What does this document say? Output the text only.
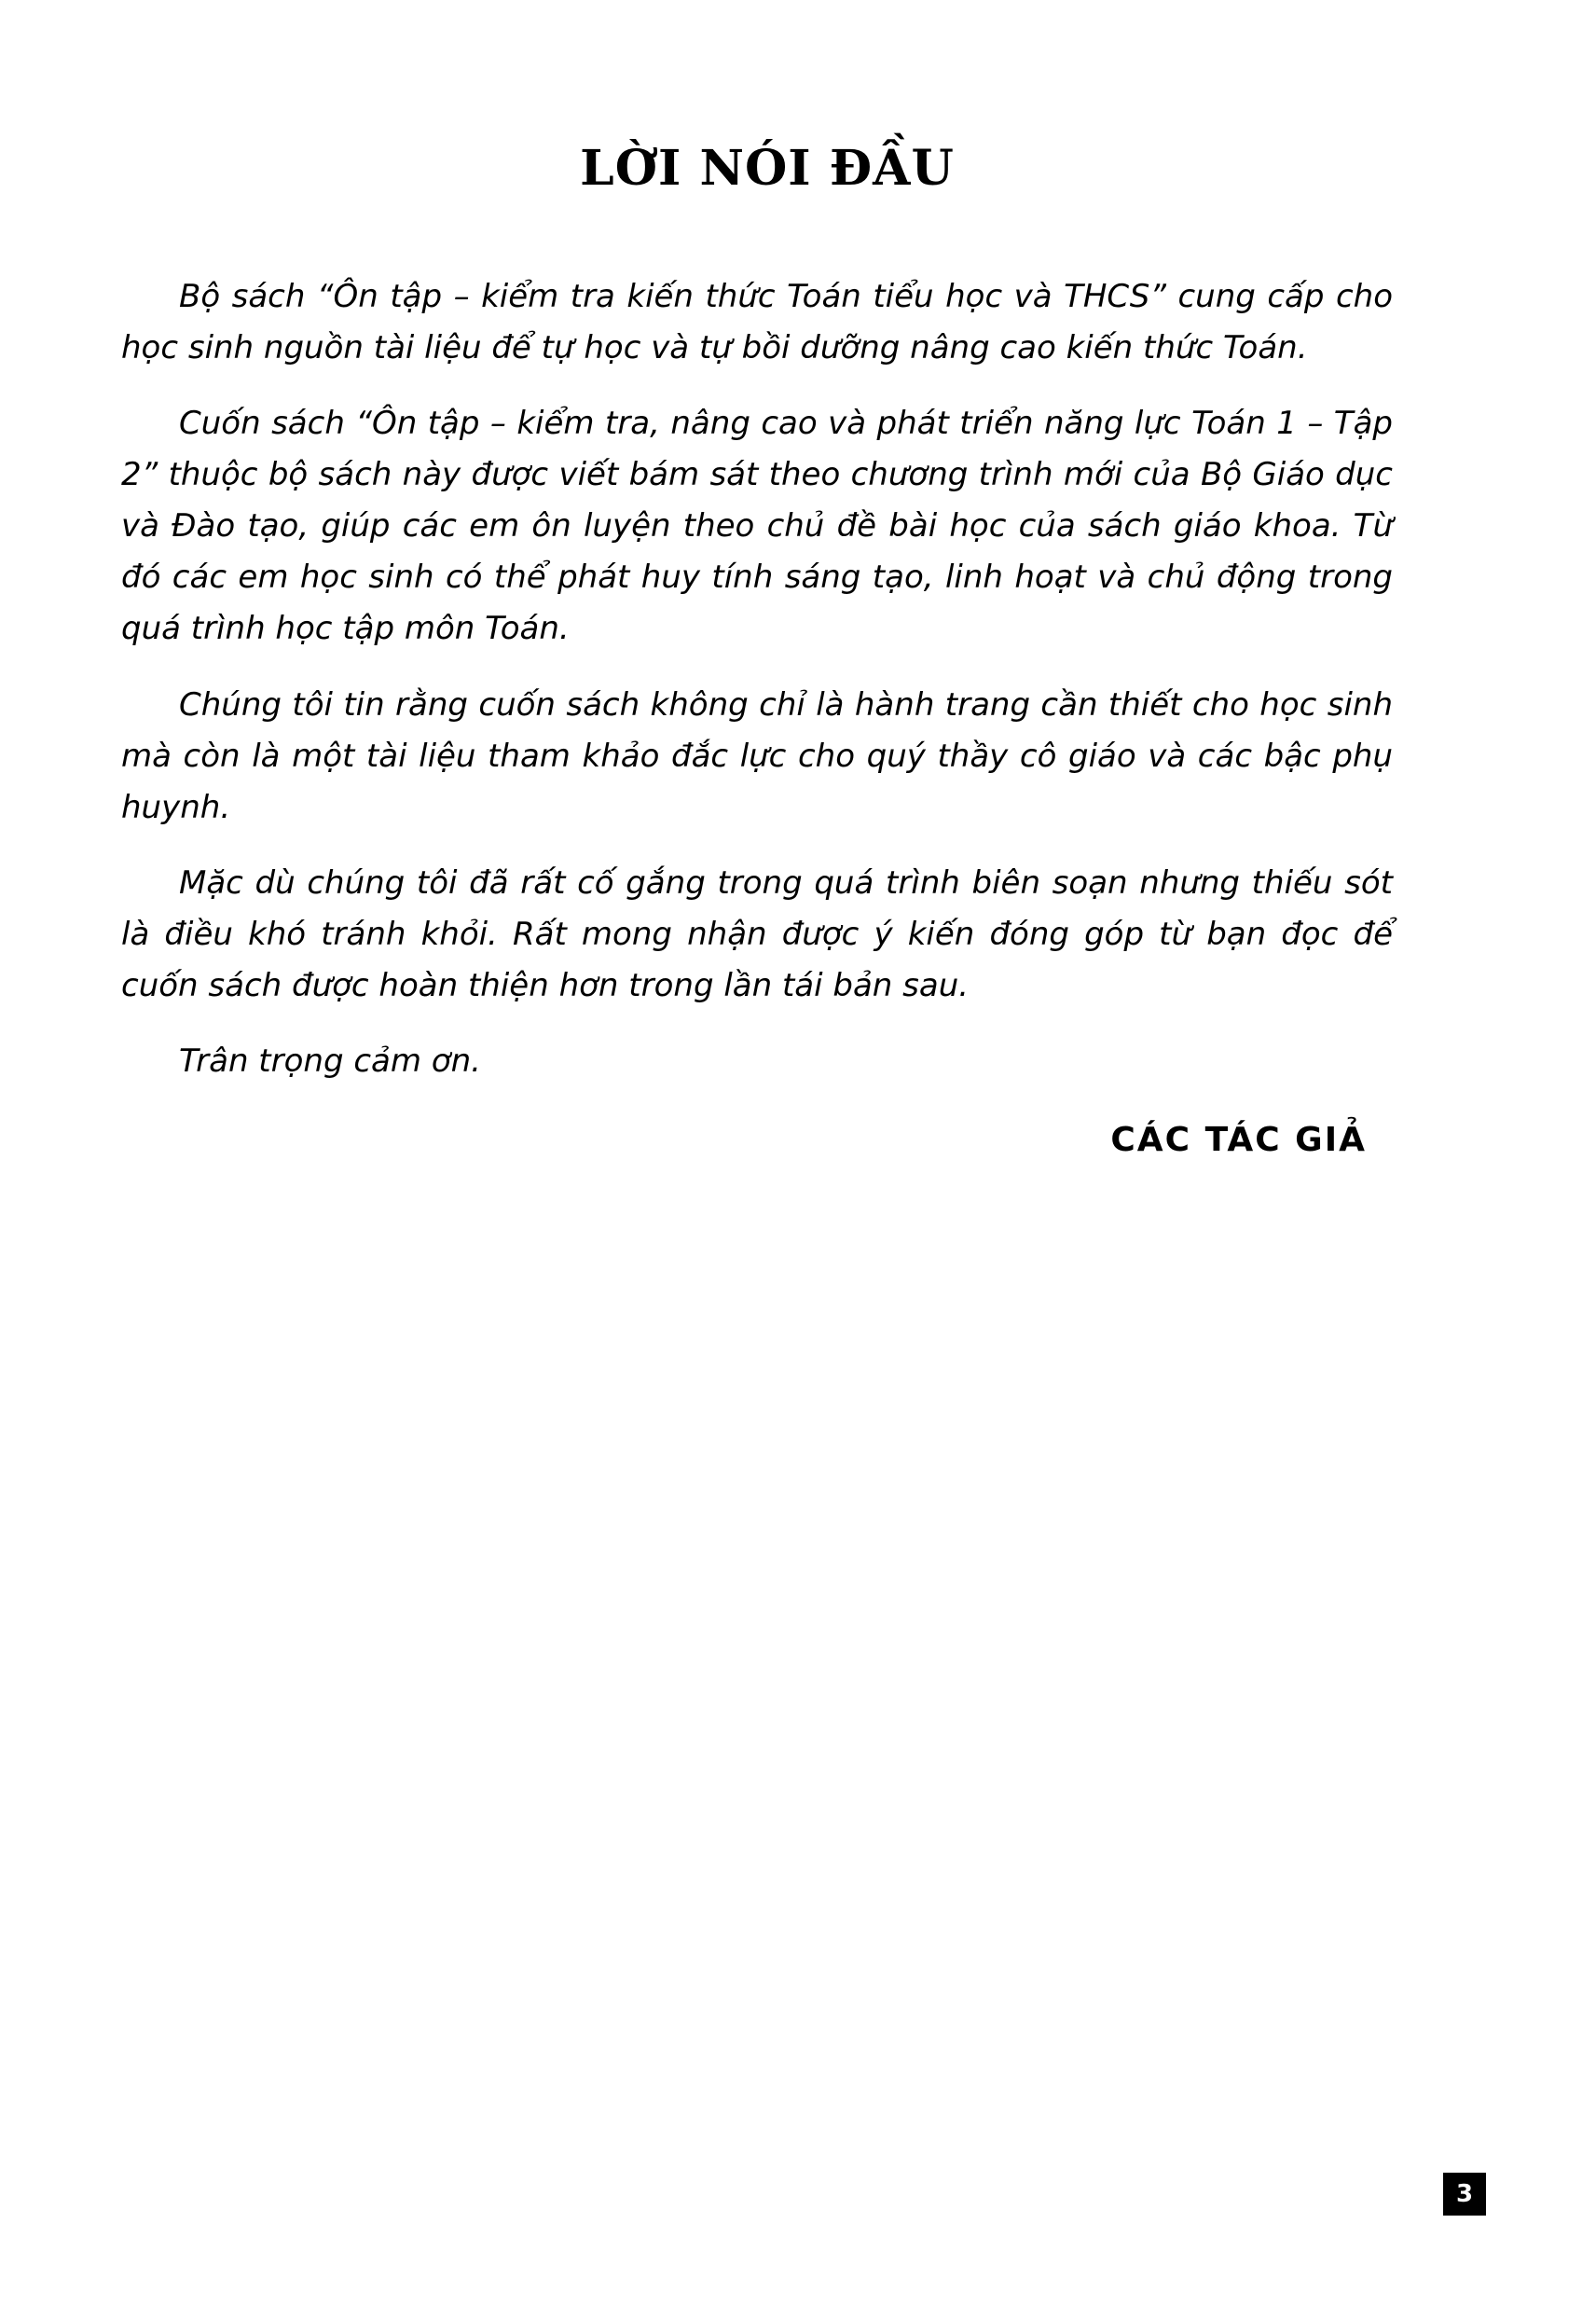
LỜI NÓI ĐẦU

Bộ sách “Ôn tập – kiểm tra kiến thức Toán tiểu học và THCS” cung cấp cho học sinh nguồn tài liệu để tự học và tự bồi dưỡng nâng cao kiến thức Toán.

Cuốn sách “Ôn tập – kiểm tra, nâng cao và phát triển năng lực Toán 1 – Tập 2” thuộc bộ sách này được viết bám sát theo chương trình mới của Bộ Giáo dục và Đào tạo, giúp các em ôn luyện theo chủ đề bài học của sách giáo khoa. Từ đó các em học sinh có thể phát huy tính sáng tạo, linh hoạt và chủ động trong quá trình học tập môn Toán.

Chúng tôi tin rằng cuốn sách không chỉ là hành trang cần thiết cho học sinh mà còn là một tài liệu tham khảo đắc lực cho quý thầy cô giáo và các bậc phụ huynh.

Mặc dù chúng tôi đã rất cố gắng trong quá trình biên soạn nhưng thiếu sót là điều khó tránh khỏi. Rất mong nhận được ý kiến đóng góp từ bạn đọc để cuốn sách được hoàn thiện hơn trong lần tái bản sau.

Trân trọng cảm ơn.

CÁC TÁC GIẢ
3
